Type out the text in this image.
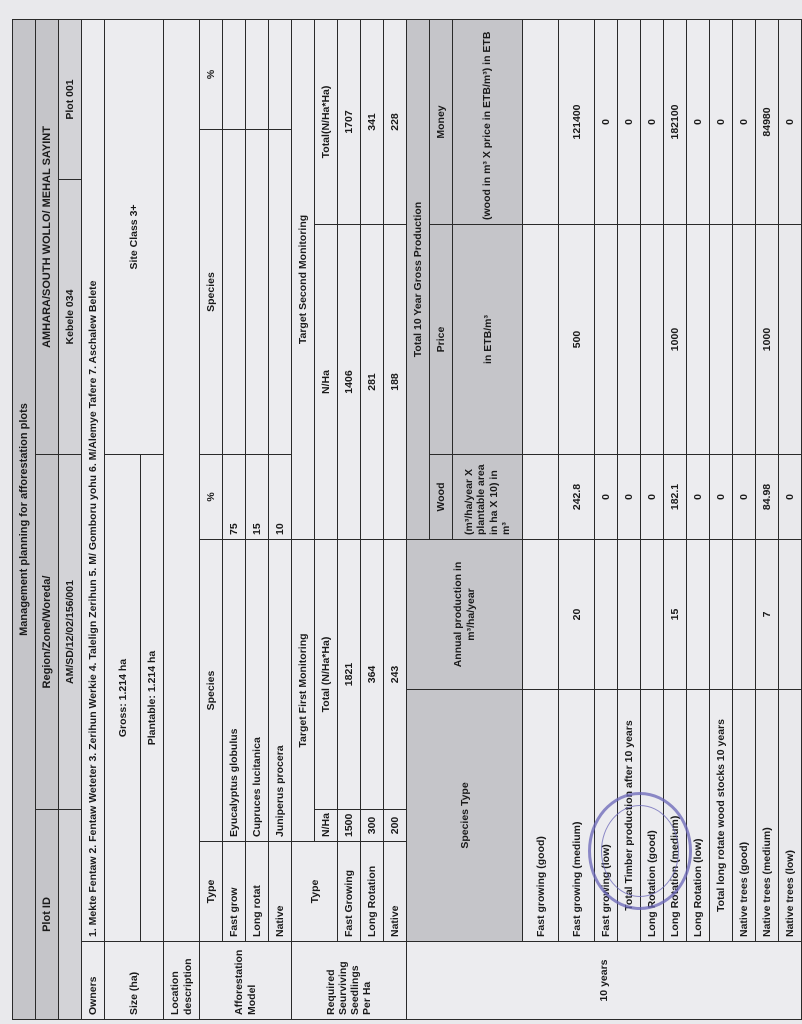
Management planning for afforestation plots									
Plot ID			Region/Zone/Woreda/			AMHARA/SOUTH WOLLO/ MEHAL SAYINT			
			AM/SD/12/02/156/001			Kebele 034		Plot 001	
Owners	1. Mekte Fentaw 2. Fentaw Weteter 3. Zerihun Werkie 4. Talelign Zerihun 5. M/ Gomboru yohu 6. M/Alemye Tafere 7. Aschalew Belete								
Size (ha)	Gross: 1.214 ha					Site Class 3+			
	Plantable: 1.214 ha								
Location description									
Afforestation Model	Type	Species			%	Species			%
	Fast grow	Eyucalyptus globulus			75				
	Long rotat	Cupruces lucitanica			15				
	Native	Juniperus procera			10				
Required Seurviving Seedlings Per Ha	Type	Target First Monitoring			Target Second Monitoring				
		N/Ha	Total (N/Ha*Ha)		N/Ha		Total(N/Ha*Ha)		
	Fast Growing	1500	1821		1406		1707		
	Long Rotation	300	364		281		341		
	Native	200	243		188		228		
10 years	Species Type			Annual production in m³/ha/year	Total 10 Year Gross Production				
					Wood	Price	Money		
					(m³/ha/year X plantable area in ha X 10) in m³	in ETB/m³	(wood in m³ X price in ETB/m³) in ETB		
	Fast growing (good)								
	Fast growing (medium)			20	242.8	500	121400		
	Fast growing (low)				0		0		
	Total Timber production after 10 years				0		0		
	Long Rotation (good)				0		0		
	Long Rotation (medium)			15	182.1	1000	182100		
	Long Rotation (low)				0		0		
	Total long rotate wood stocks 10 years				0		0		
	Native trees (good)				0		0		
	Native trees (medium)			7	84.98	1000	84980		
	Native trees (low)				0		0		
